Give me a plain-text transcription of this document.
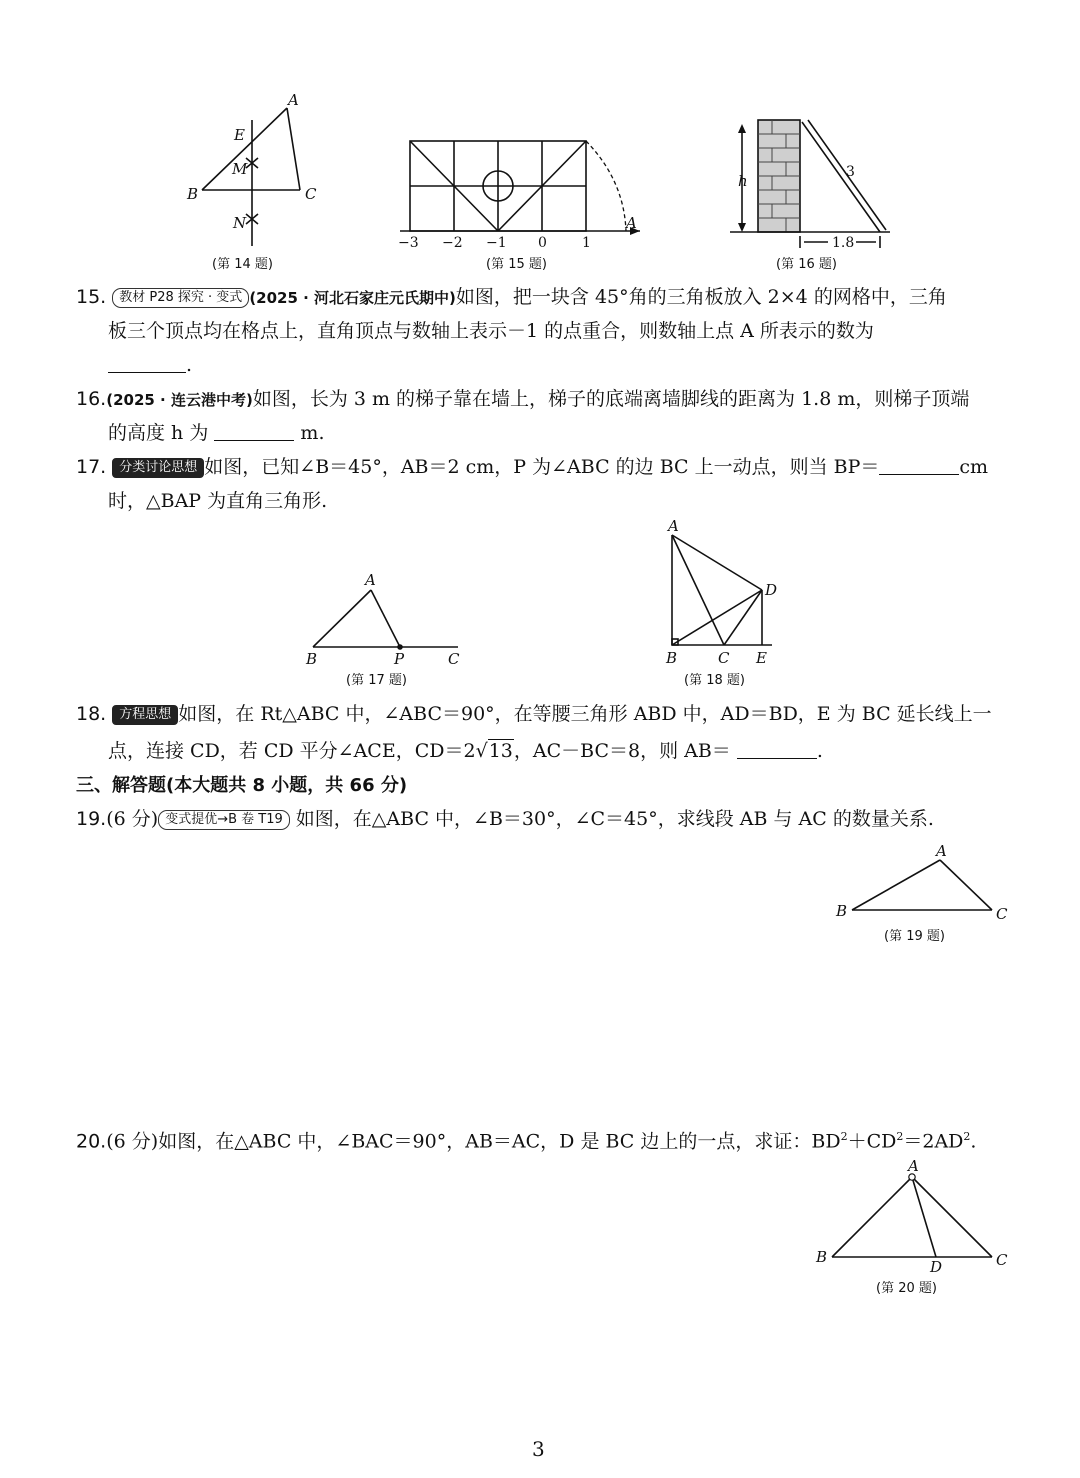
A
E
M
B	C
N
(第 14 题)
−3 −2 −1 0	1
A
(第 15 题)
h	3
1.8
(第 16 题)
A
B	P	C
(第 17 题)
A
D
B	C E
(第 18 题)
A
B	C
(第 19 题)
A
B
D	C
(第 20 题)
15. 教材 P28 探究 · 变式 (2025 · 河北石家庄元氏期中)如图，把一块含 45°角的三角板放入 2×4 的网格中，三角
板三个顶点均在格点上，直角顶点与数轴上表示－1 的点重合，则数轴上点 A 所表示的数为
.
16.(2025 · 连云港中考)如图，长为 3 m 的梯子靠在墙上，梯子的底端离墙脚线的距离为 1.8 m，则梯子顶端
的高度 h 为	m.
17. 分类讨论思想 如图，已知∠B＝45°，AB＝2 cm，P 为∠ABC 的边 BC 上一动点，则当 BP＝	cm
时，△BAP 为直角三角形.
18. 方程思想 如图，在 Rt△ABC 中，∠ABC＝90°，在等腰三角形 ABD 中，AD＝BD，E 为 BC 延长线上一
点，连接 CD，若 CD 平分∠ACE，CD＝2√13，AC－BC＝8，则 AB＝	.
三、解答题(本大题共 8 小题，共 66 分)
19.(6 分) 变式提优→B 卷 T19 如图，在△ABC 中，∠B＝30°，∠C＝45°，求线段 AB 与 AC 的数量关系.
20.(6 分)如图，在△ABC 中，∠BAC＝90°，AB＝AC，D 是 BC 边上的一点，求证：$BD^2+CD^2=2AD^2$.
3
